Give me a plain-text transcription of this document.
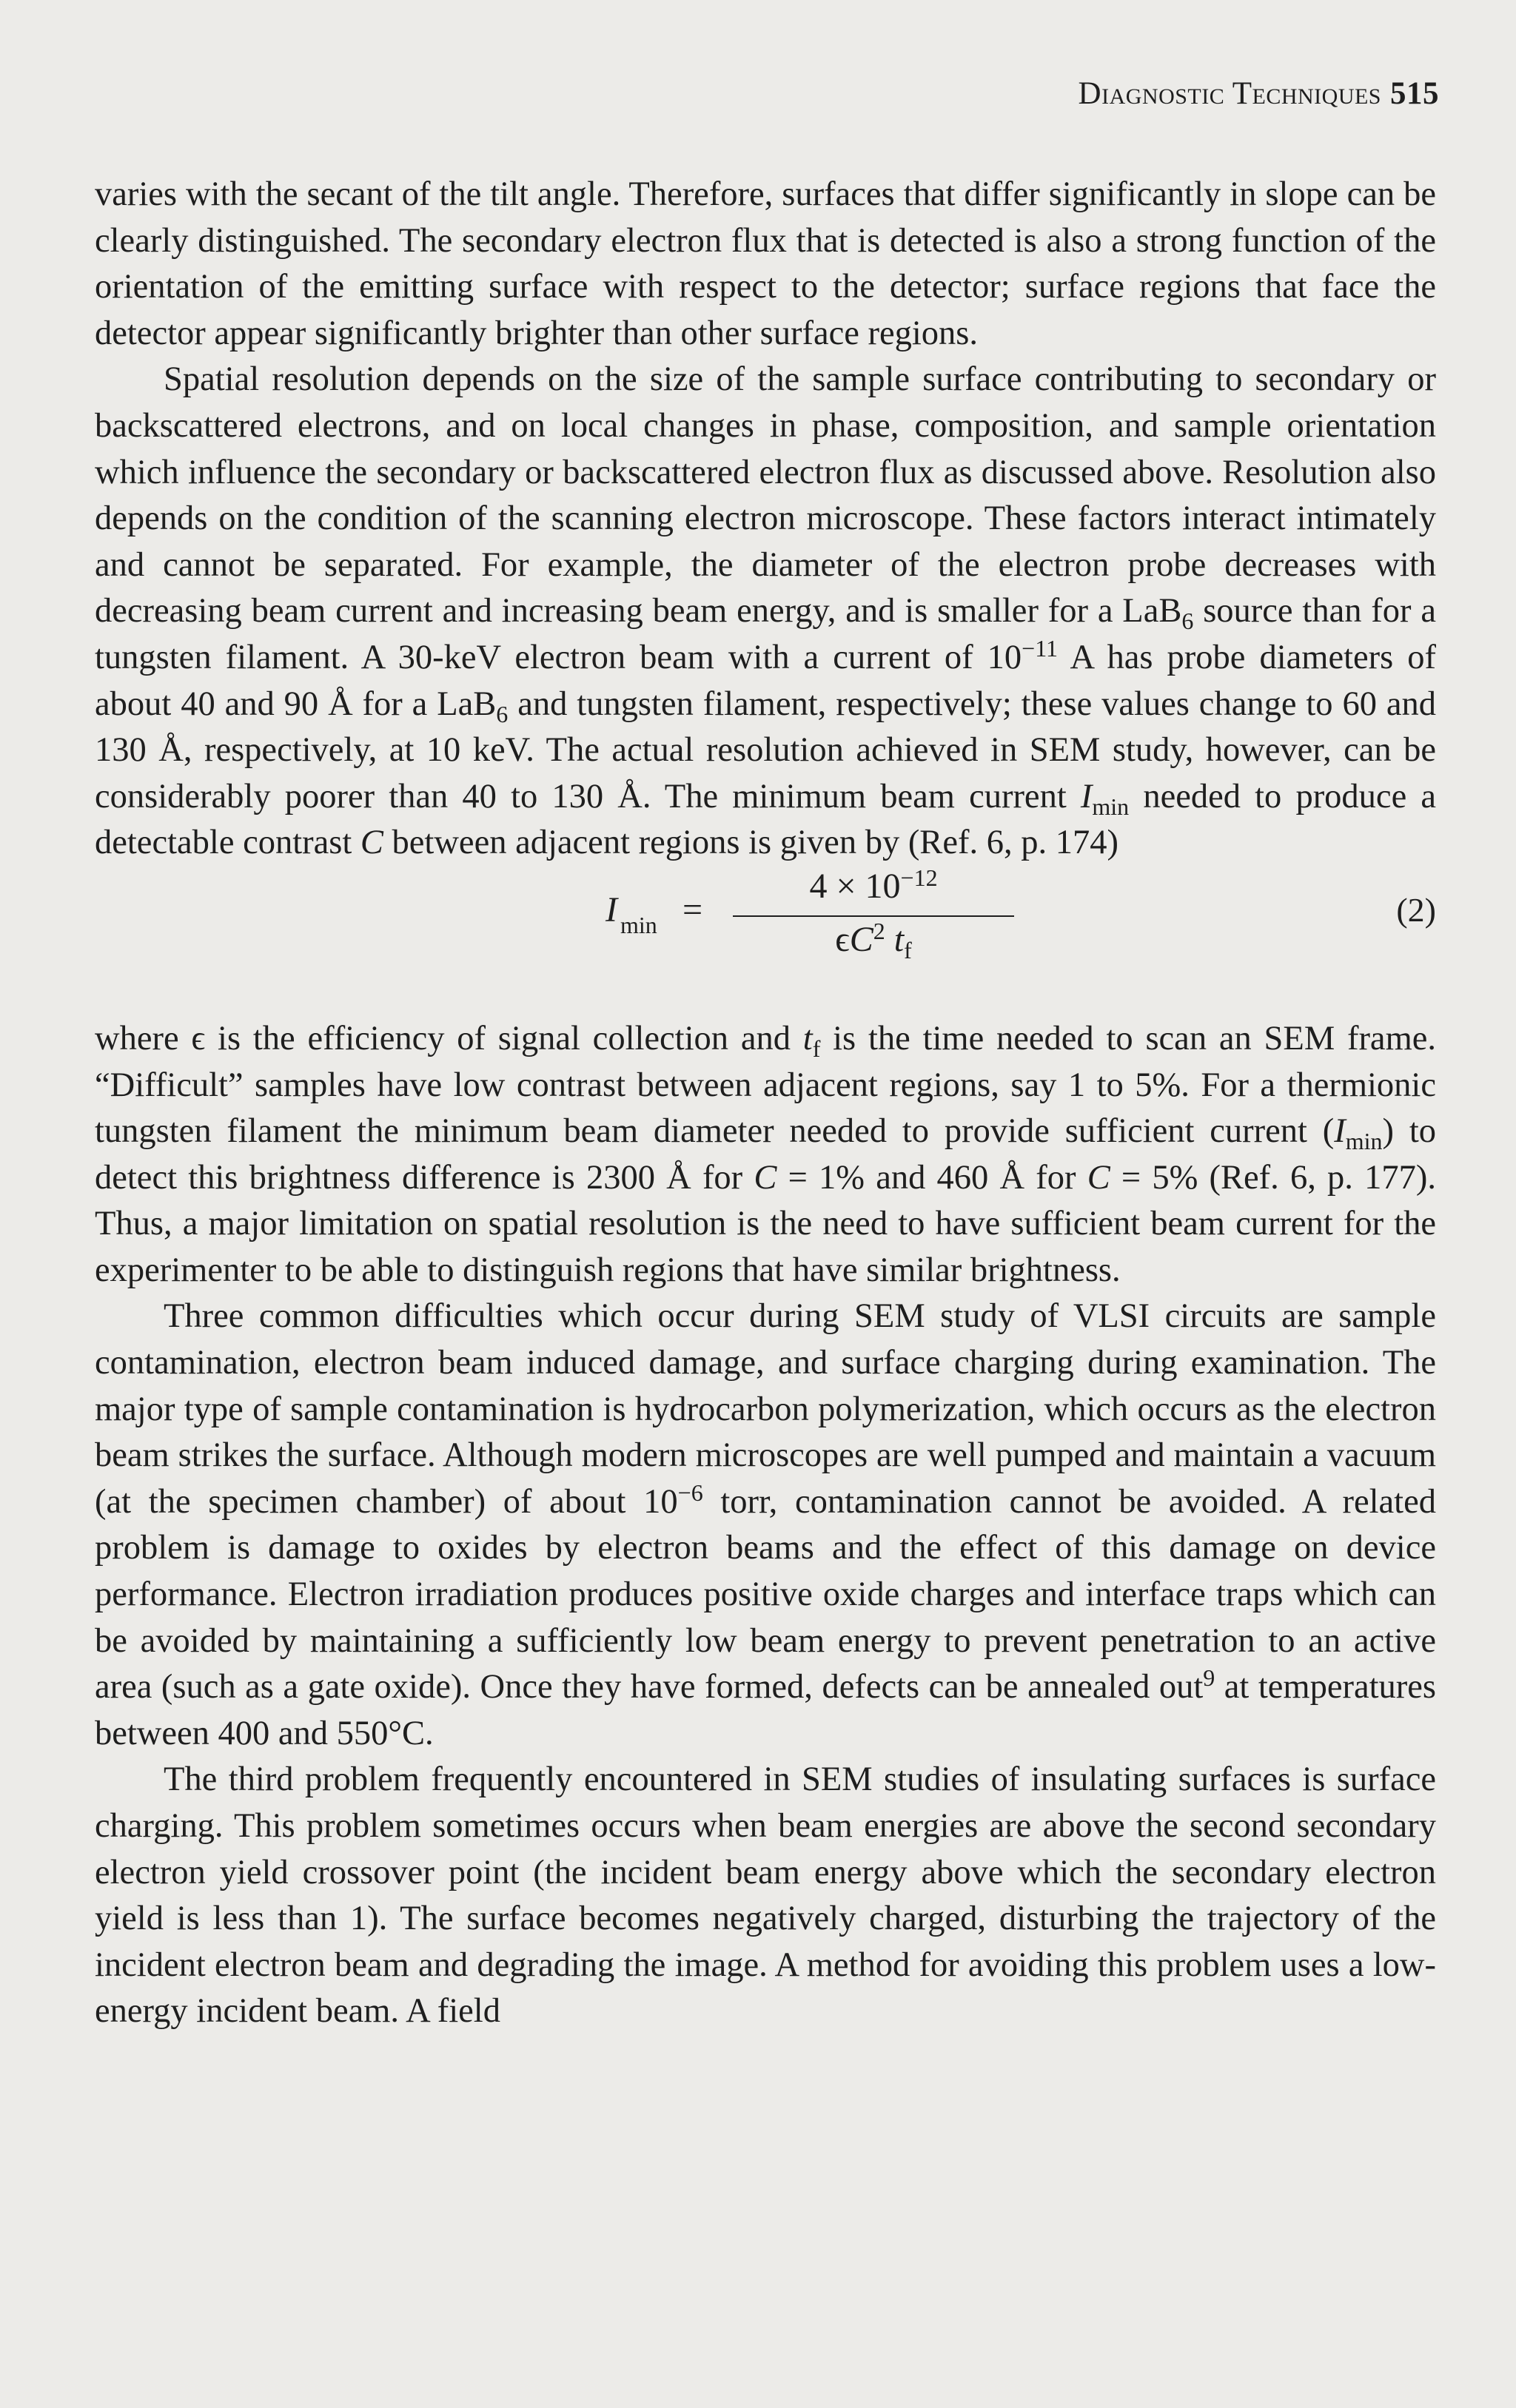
Diagnostic Techniques 515

varies with the secant of the tilt angle. Therefore, surfaces that differ significantly in slope can be clearly distinguished. The secondary electron flux that is detected is also a strong function of the orientation of the emitting surface with respect to the detector; surface regions that face the detector appear significantly brighter than other surface regions.

Spatial resolution depends on the size of the sample surface contributing to secondary or backscattered electrons, and on local changes in phase, composition, and sample orientation which influence the secondary or backscattered electron flux as discussed above. Resolution also depends on the condition of the scanning electron microscope. These factors interact intimately and cannot be separated. For example, the diameter of the electron probe decreases with decreasing beam current and increasing beam energy, and is smaller for a LaB$_6$ source than for a tungsten filament. A 30-keV electron beam with a current of $10^{-11}$ A has probe diameters of about 40 and 90 Å for a LaB$_6$ and tungsten filament, respectively; these values change to 60 and 130 Å, respectively, at 10 keV. The actual resolution achieved in SEM study, however, can be considerably poorer than 40 to 130 Å. The minimum beam current $I_{min}$ needed to produce a detectable contrast C between adjacent regions is given by (Ref. 6, p. 174)

I $_{min}$ =
$4 \times 10^{-12}$
$\epsilon C^2$ $t_f$
(2)

where ϵ is the efficiency of signal collection and $t_f$ is the time needed to scan an SEM frame. “Difficult” samples have low contrast between adjacent regions, say 1 to 5%. For a thermionic tungsten filament the minimum beam diameter needed to provide sufficient current $(I_{min})$ to detect this brightness difference is 2300 Å for C = 1% and 460 Å for C = 5% (Ref. 6, p. 177). Thus, a major limitation on spatial resolution is the need to have sufficient beam current for the experimenter to be able to distinguish regions that have similar brightness.

Three common difficulties which occur during SEM study of VLSI circuits are sample contamination, electron beam induced damage, and surface charging during examination. The major type of sample contamination is hydrocarbon polymerization, which occurs as the electron beam strikes the surface. Although modern microscopes are well pumped and maintain a vacuum (at the specimen chamber) of about $10^{-6}$ torr, contamination cannot be avoided. A related problem is damage to oxides by electron beams and the effect of this damage on device performance. Electron irradiation produces positive oxide charges and interface traps which can be avoided by maintaining a sufficiently low beam energy to prevent penetration to an active area (such as a gate oxide). Once they have formed, defects can be annealed out$^9$ at temperatures between 400 and 550°C.

The third problem frequently encountered in SEM studies of insulating surfaces is surface charging. This problem sometimes occurs when beam energies are above the second secondary electron yield crossover point (the incident beam energy above which the secondary electron yield is less than 1). The surface becomes negatively charged, disturbing the trajectory of the incident electron beam and degrading the image. A method for avoiding this problem uses a low-energy incident beam. A field
